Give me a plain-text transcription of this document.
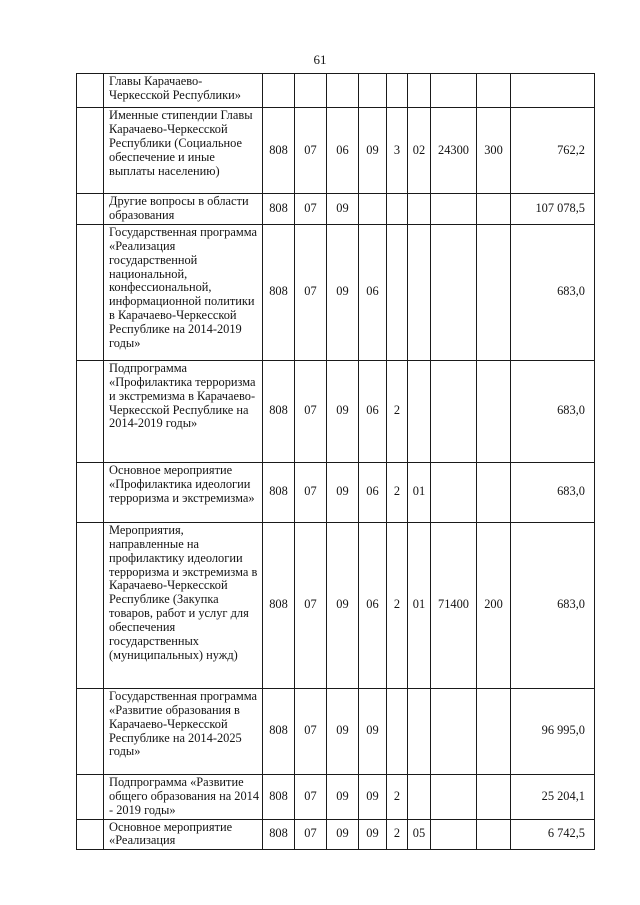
61
	Главы Карачаево-Черкесской Республики»									
	Именные стипендии Главы Карачаево-Черкесской Республики (Социальное обеспечение и иные выплаты населению)	808	07	06	09	3	02	24300	300	762,2
	Другие вопросы в области образования	808	07	09						107 078,5
	Государственная программа «Реализация государственной национальной, конфессиональной, информационной политики в Карачаево-Черкесской Республике на 2014-2019 годы»	808	07	09	06					683,0
	Подпрограмма «Профилактика терроризма и экстремизма в Карачаево-Черкесской Республике на 2014-2019 годы»	808	07	09	06	2				683,0
	Основное мероприятие «Профилактика идеологии терроризма и экстремизма»	808	07	09	06	2	01			683,0
	Мероприятия, направленные на профилактику идеологии терроризма и экстремизма в Карачаево-Черкесской Республике (Закупка товаров, работ и услуг для обеспечения государственных (муниципальных) нужд)	808	07	09	06	2	01	71400	200	683,0
	Государственная программа «Развитие образования в Карачаево-Черкесской Республике на 2014-2025 годы»	808	07	09	09					96 995,0
	Подпрограмма «Развитие общего образования на 2014 - 2019 годы»	808	07	09	09	2				25 204,1
	Основное мероприятие «Реализация	808	07	09	09	2	05			6 742,5
